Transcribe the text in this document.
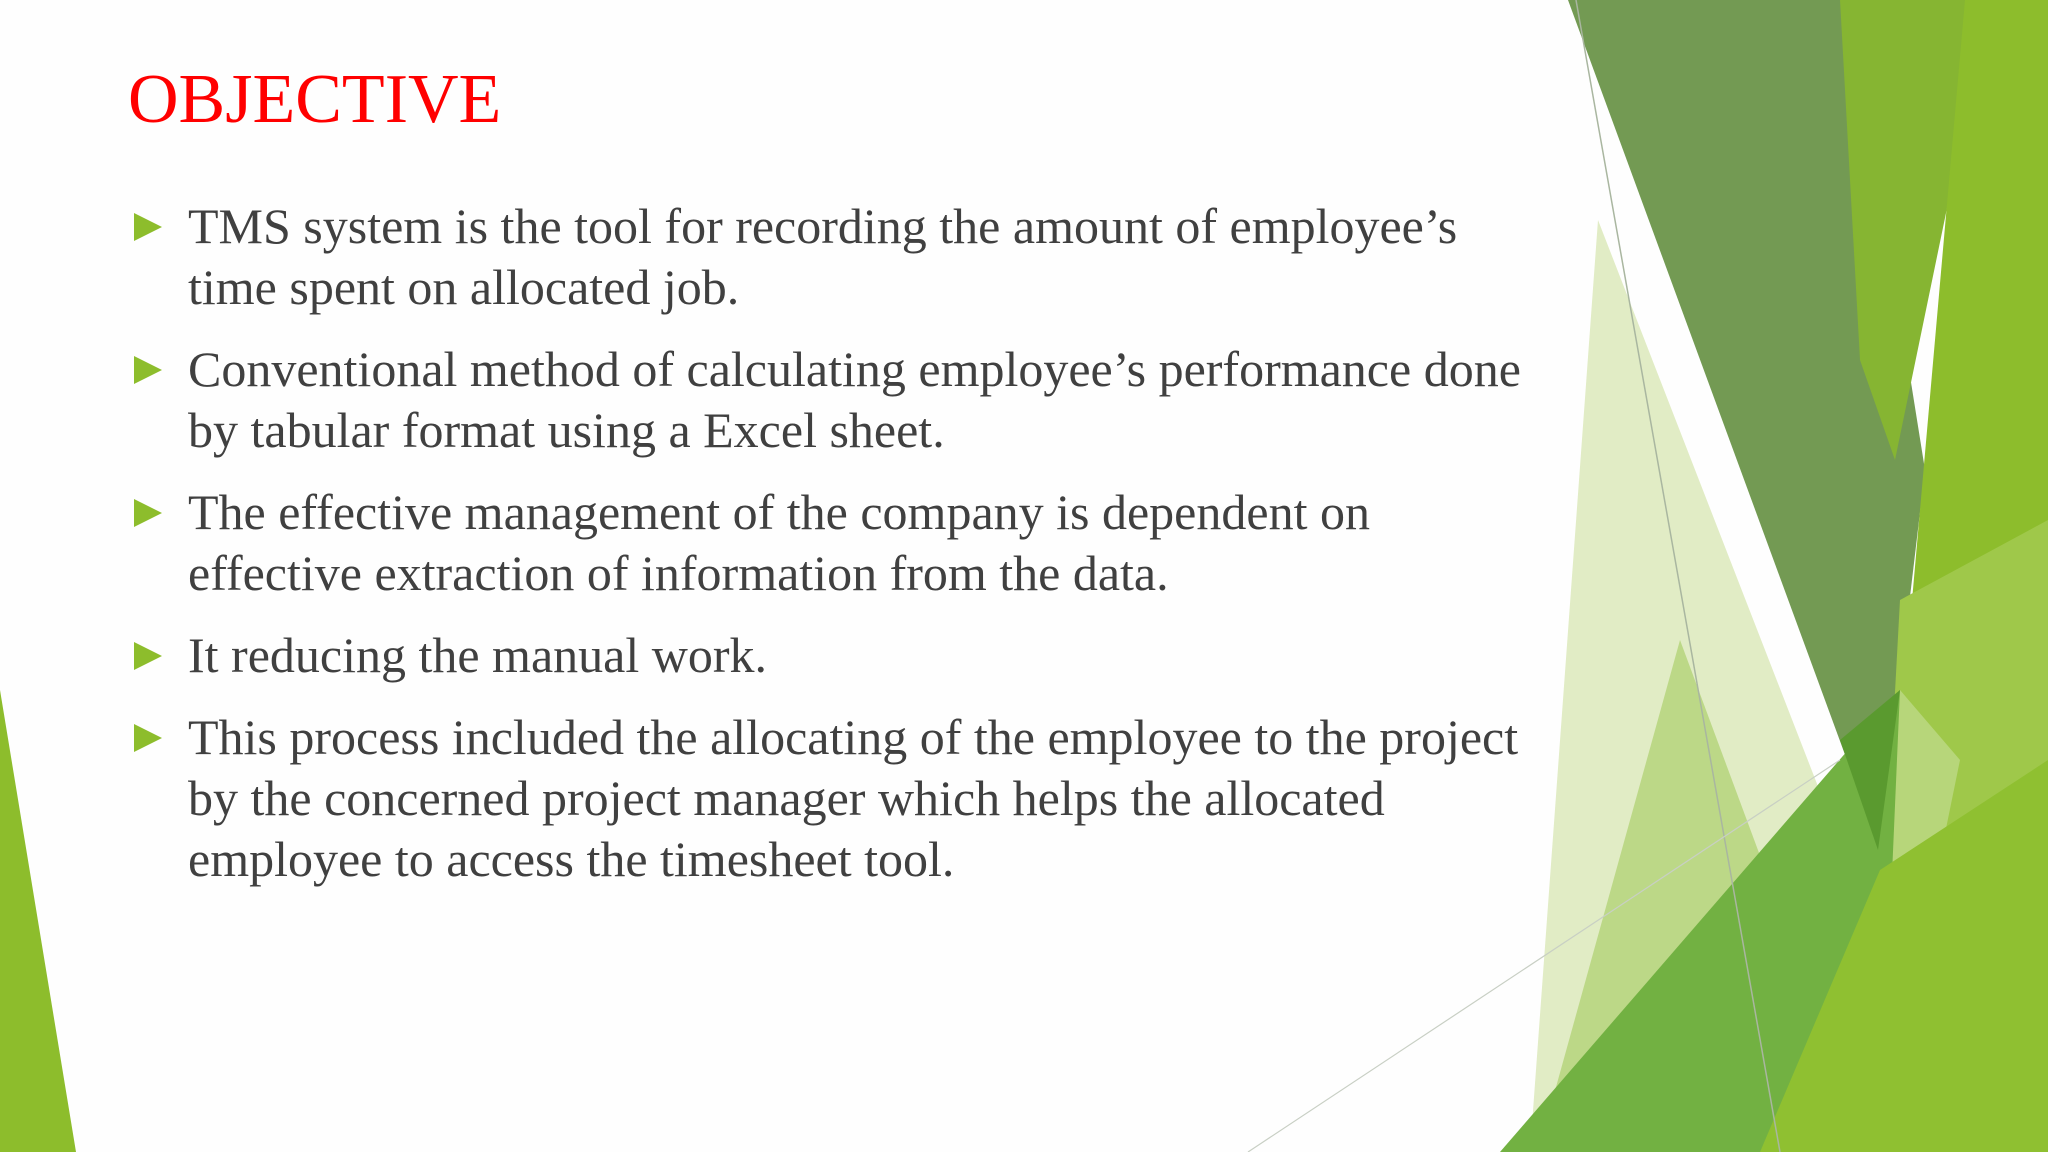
OBJECTIVE
TMS system is the tool for recording the amount of employee’s time spent on allocated job.
Conventional method of calculating employee’s performance done by tabular format using a Excel sheet.
The effective management of the company is dependent on effective extraction of information from the data.
It reducing the manual work.
This process included the allocating of the employee to the project by the concerned project manager which helps the allocated employee to access the timesheet tool.
